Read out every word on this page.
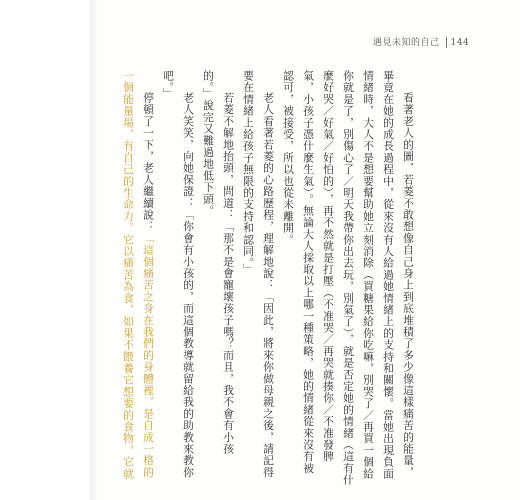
遇見未知的自己 144
看著老人的圖，若菱不敢想像自己身上到底堆積了多少像這樣痛苦的能量，
畢竟在她的成長過程中，從來沒有人給過她情緒上的支持和關懷。當她出現負面
情緒時，大人不是想要幫助她立刻消除（買糖果給你吃嘛，別哭了／再買一個給
你就是了，別傷心了／明天我帶你出去玩，別氣了），就是否定她的情緒（這有什
麼好哭／好氣／好怕的），再不然就是打壓（不准哭／再哭就揍你／不准發脾
氣，小孩子憑什麼生氣）。無論大人採取以上哪一種策略，她的情緒從來沒有被
認可，被接受，所以也從未離開。
老人看著若菱的心路歷程，理解地說：「因此，將來你做母親之後，請記得
要在情緒上給孩子無限的支持和認同。」
若菱不解地抬頭，問道：「那不是會寵壞孩子嗎？而且，我不會有小孩
的。」說完又難過地低下頭。
老人笑笑，向她保證：「你會有小孩的，而這個教導就留給我的助教來教你
吧。」
停頓了一下，老人繼續說：「這個痛苦之身在我們的身體裡，是自成一格的
一個能量場，有自己的生命力。它以痛苦為食，如果不餵養它想要的食物，它就
